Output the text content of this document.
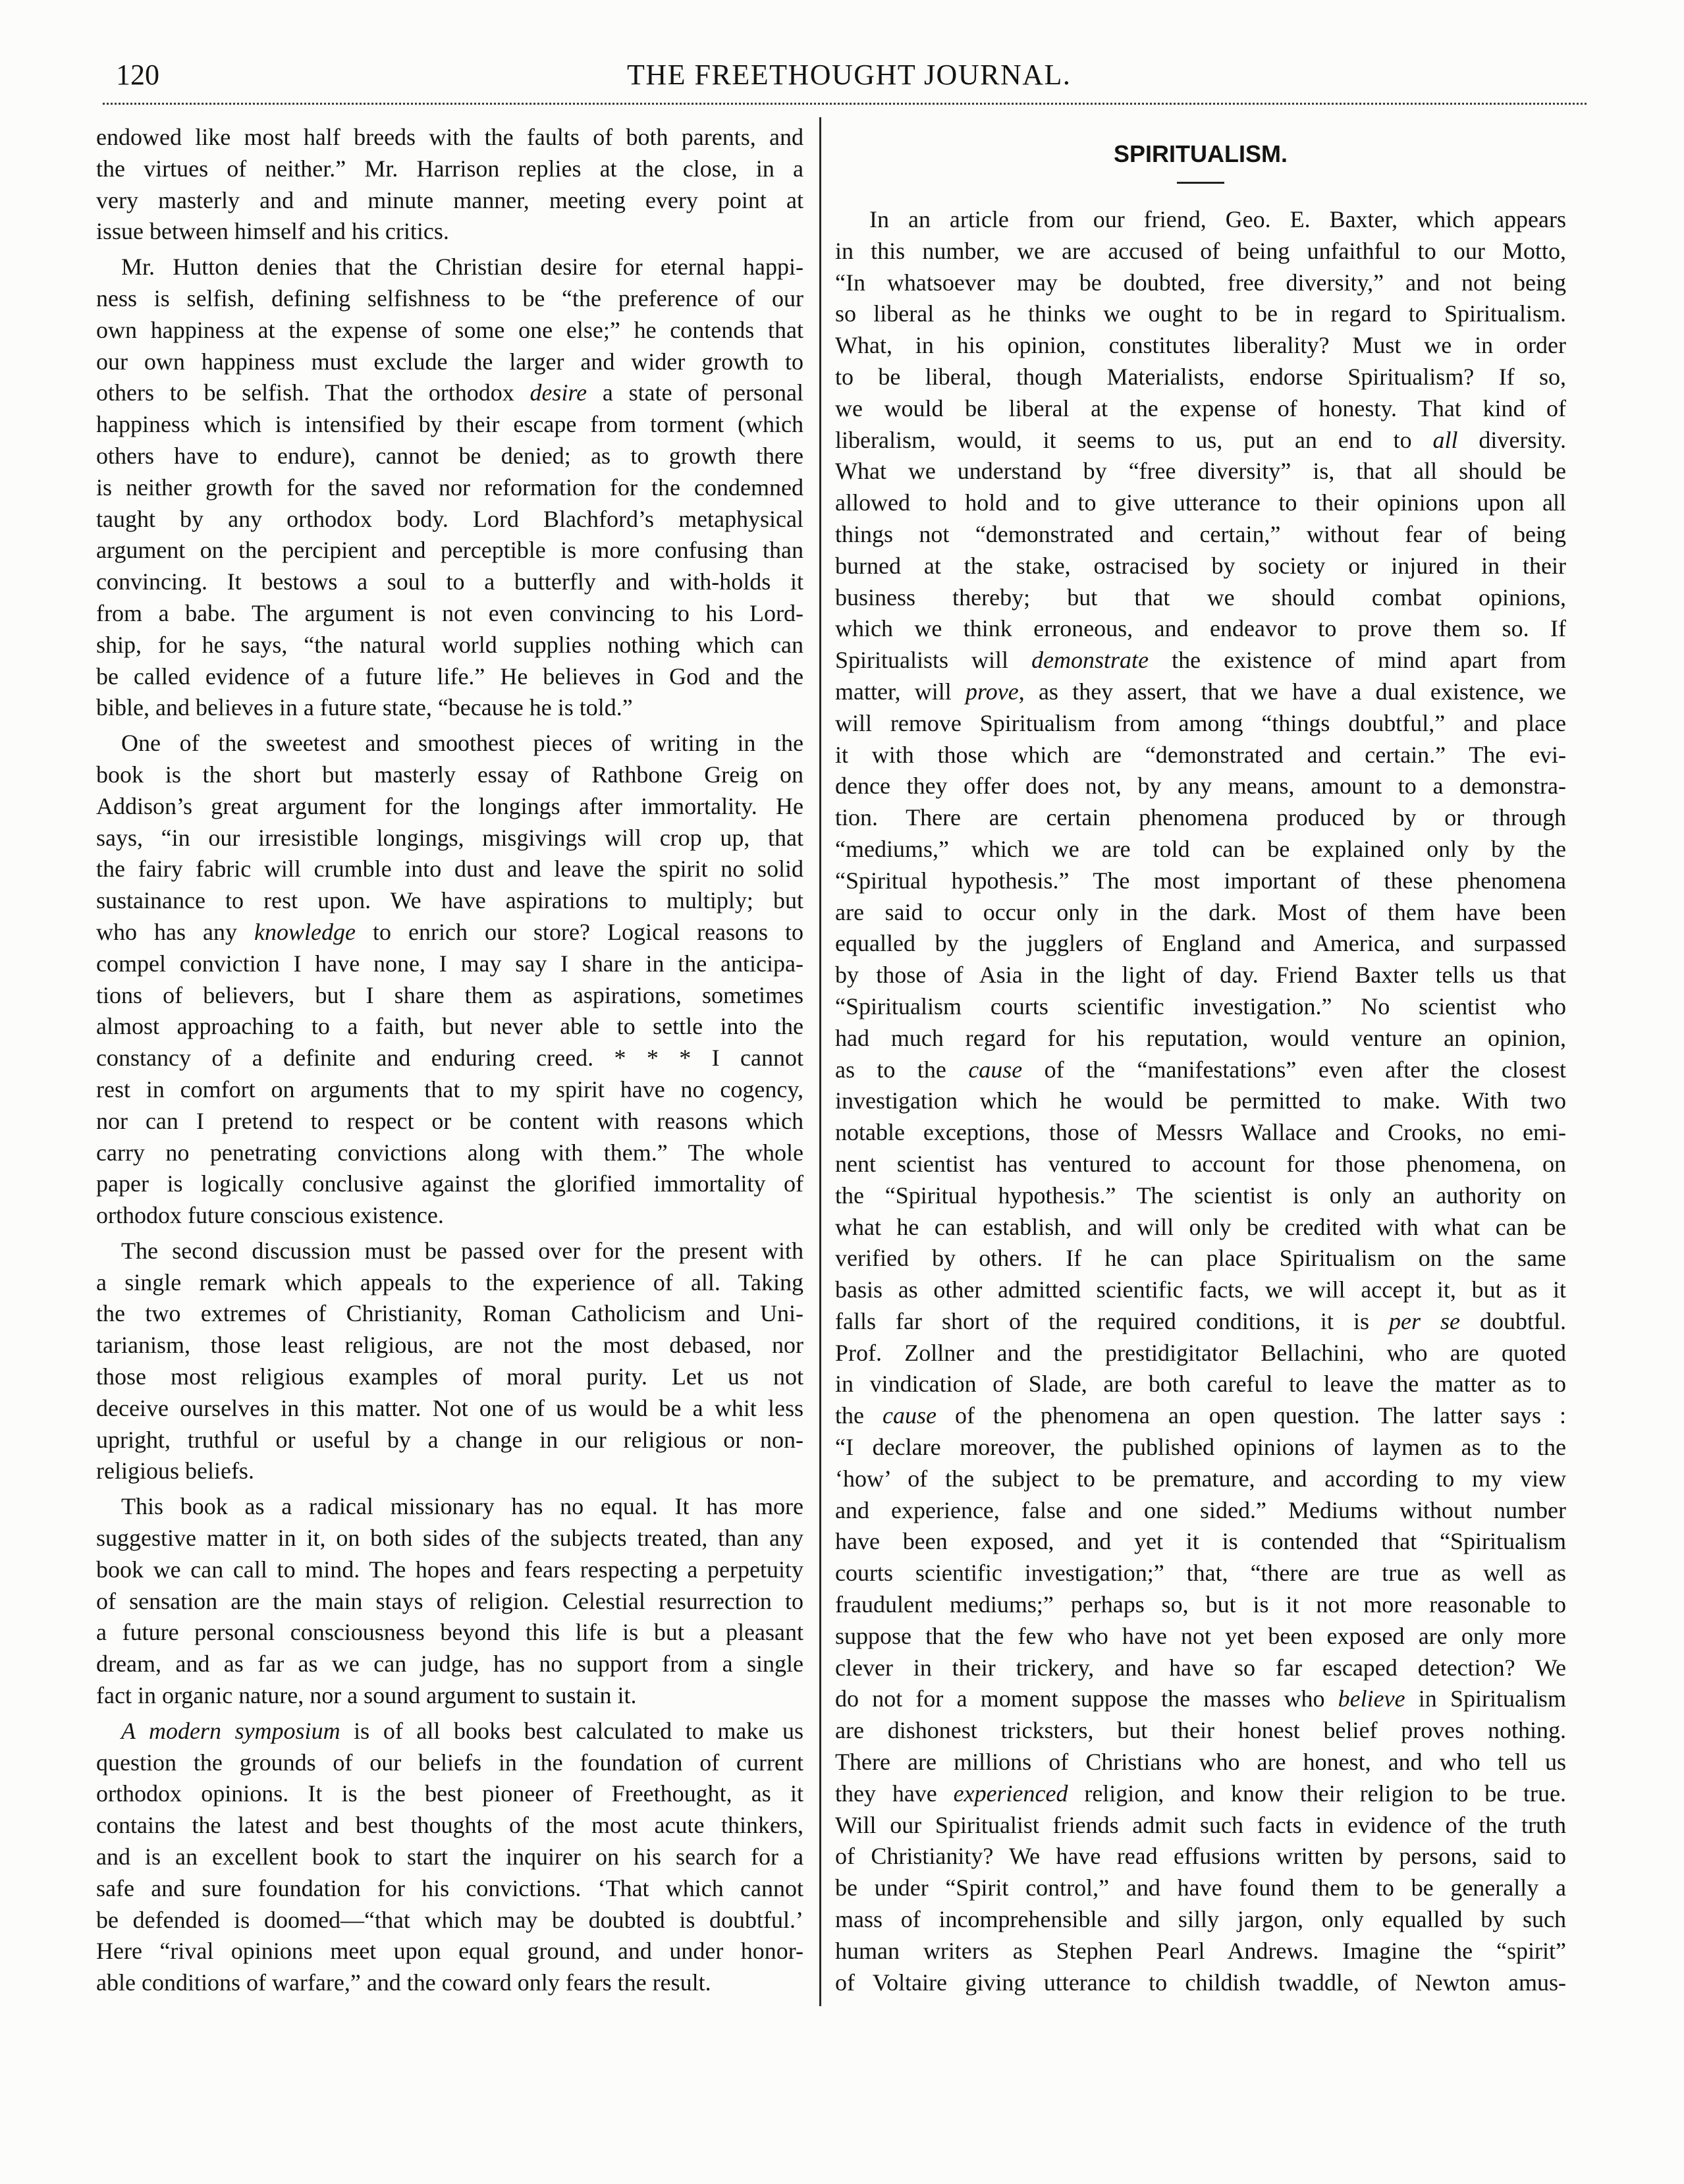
120	THE FREETHOUGHT JOURNAL.
endowed like most half breeds with the faults of both parents, and
the virtues of neither.” Mr. Harrison replies at the close, in a
very masterly and and minute manner, meeting every point at
issue between himself and his critics.
Mr. Hutton denies that the Christian desire for eternal happi-
ness is selfish, defining selfishness to be “the preference of our
own happiness at the expense of some one else;” he contends that
our own happiness must exclude the larger and wider growth to
others to be selfish. That the orthodox desire a state of personal
happiness which is intensified by their escape from torment (which
others have to endure), cannot be denied; as to growth there
is neither growth for the saved nor reformation for the condemned
taught by any orthodox body. Lord Blachford’s metaphysical
argument on the percipient and perceptible is more confusing than
convincing. It bestows a soul to a butterfly and with-holds it
from a babe. The argument is not even convincing to his Lord-
ship, for he says, “the natural world supplies nothing which can
be called evidence of a future life.” He believes in God and the
bible, and believes in a future state, “because he is told.”
One of the sweetest and smoothest pieces of writing in the
book is the short but masterly essay of Rathbone Greig on
Addison’s great argument for the longings after immortality. He
says, “in our irresistible longings, misgivings will crop up, that
the fairy fabric will crumble into dust and leave the spirit no solid
sustainance to rest upon. We have aspirations to multiply; but
who has any knowledge to enrich our store? Logical reasons to
compel conviction I have none, I may say I share in the anticipa-
tions of believers, but I share them as aspirations, sometimes
almost approaching to a faith, but never able to settle into the
constancy of a definite and enduring creed. * * * I cannot
rest in comfort on arguments that to my spirit have no cogency,
nor can I pretend to respect or be content with reasons which
carry no penetrating convictions along with them.” The whole
paper is logically conclusive against the glorified immortality of
orthodox future conscious existence.
The second discussion must be passed over for the present with
a single remark which appeals to the experience of all. Taking
the two extremes of Christianity, Roman Catholicism and Uni-
tarianism, those least religious, are not the most debased, nor
those most religious examples of moral purity. Let us not
deceive ourselves in this matter. Not one of us would be a whit less
upright, truthful or useful by a change in our religious or non-
religious beliefs.
This book as a radical missionary has no equal. It has more
suggestive matter in it, on both sides of the subjects treated, than any
book we can call to mind. The hopes and fears respecting a perpetuity
of sensation are the main stays of religion. Celestial resurrection to
a future personal consciousness beyond this life is but a pleasant
dream, and as far as we can judge, has no support from a single
fact in organic nature, nor a sound argument to sustain it.
A modern symposium is of all books best calculated to make us
question the grounds of our beliefs in the foundation of current
orthodox opinions. It is the best pioneer of Freethought, as it
contains the latest and best thoughts of the most acute thinkers,
and is an excellent book to start the inquirer on his search for a
safe and sure foundation for his convictions. ‘That which cannot
be defended is doomed—“that which may be doubted is doubtful.’
Here “rival opinions meet upon equal ground, and under honor-
able conditions of warfare,” and the coward only fears the result.
SPIRITUALISM.
In an article from our friend, Geo. E. Baxter, which appears
in this number, we are accused of being unfaithful to our Motto,
“In whatsoever may be doubted, free diversity,” and not being
so liberal as he thinks we ought to be in regard to Spiritualism.
What, in his opinion, constitutes liberality? Must we in order
to be liberal, though Materialists, endorse Spiritualism? If so,
we would be liberal at the expense of honesty. That kind of
liberalism, would, it seems to us, put an end to all diversity.
What we understand by “free diversity” is, that all should be
allowed to hold and to give utterance to their opinions upon all
things not “demonstrated and certain,” without fear of being
burned at the stake, ostracised by society or injured in their
business thereby; but that we should combat opinions,
which we think erroneous, and endeavor to prove them so. If
Spiritualists will demonstrate the existence of mind apart from
matter, will prove, as they assert, that we have a dual existence, we
will remove Spiritualism from among “things doubtful,” and place
it with those which are “demonstrated and certain.” The evi-
dence they offer does not, by any means, amount to a demonstra-
tion. There are certain phenomena produced by or through
“mediums,” which we are told can be explained only by the
“Spiritual hypothesis.” The most important of these phenomena
are said to occur only in the dark. Most of them have been
equalled by the jugglers of England and America, and surpassed
by those of Asia in the light of day. Friend Baxter tells us that
“Spiritualism courts scientific investigation.” No scientist who
had much regard for his reputation, would venture an opinion,
as to the cause of the “manifestations” even after the closest
investigation which he would be permitted to make. With two
notable exceptions, those of Messrs Wallace and Crooks, no emi-
nent scientist has ventured to account for those phenomena, on
the “Spiritual hypothesis.” The scientist is only an authority on
what he can establish, and will only be credited with what can be
verified by others. If he can place Spiritualism on the same
basis as other admitted scientific facts, we will accept it, but as it
falls far short of the required conditions, it is per se doubtful.
Prof. Zollner and the prestidigitator Bellachini, who are quoted
in vindication of Slade, are both careful to leave the matter as to
the cause of the phenomena an open question. The latter says :
“I declare moreover, the published opinions of laymen as to the
‘how’ of the subject to be premature, and according to my view
and experience, false and one sided.” Mediums without number
have been exposed, and yet it is contended that “Spiritualism
courts scientific investigation;” that, “there are true as well as
fraudulent mediums;” perhaps so, but is it not more reasonable to
suppose that the few who have not yet been exposed are only more
clever in their trickery, and have so far escaped detection? We
do not for a moment suppose the masses who believe in Spiritualism
are dishonest tricksters, but their honest belief proves nothing.
There are millions of Christians who are honest, and who tell us
they have experienced religion, and know their religion to be true.
Will our Spiritualist friends admit such facts in evidence of the truth
of Christianity? We have read effusions written by persons, said to
be under “Spirit control,” and have found them to be generally a
mass of incomprehensible and silly jargon, only equalled by such
human writers as Stephen Pearl Andrews. Imagine the “spirit”
of Voltaire giving utterance to childish twaddle, of Newton amus-
